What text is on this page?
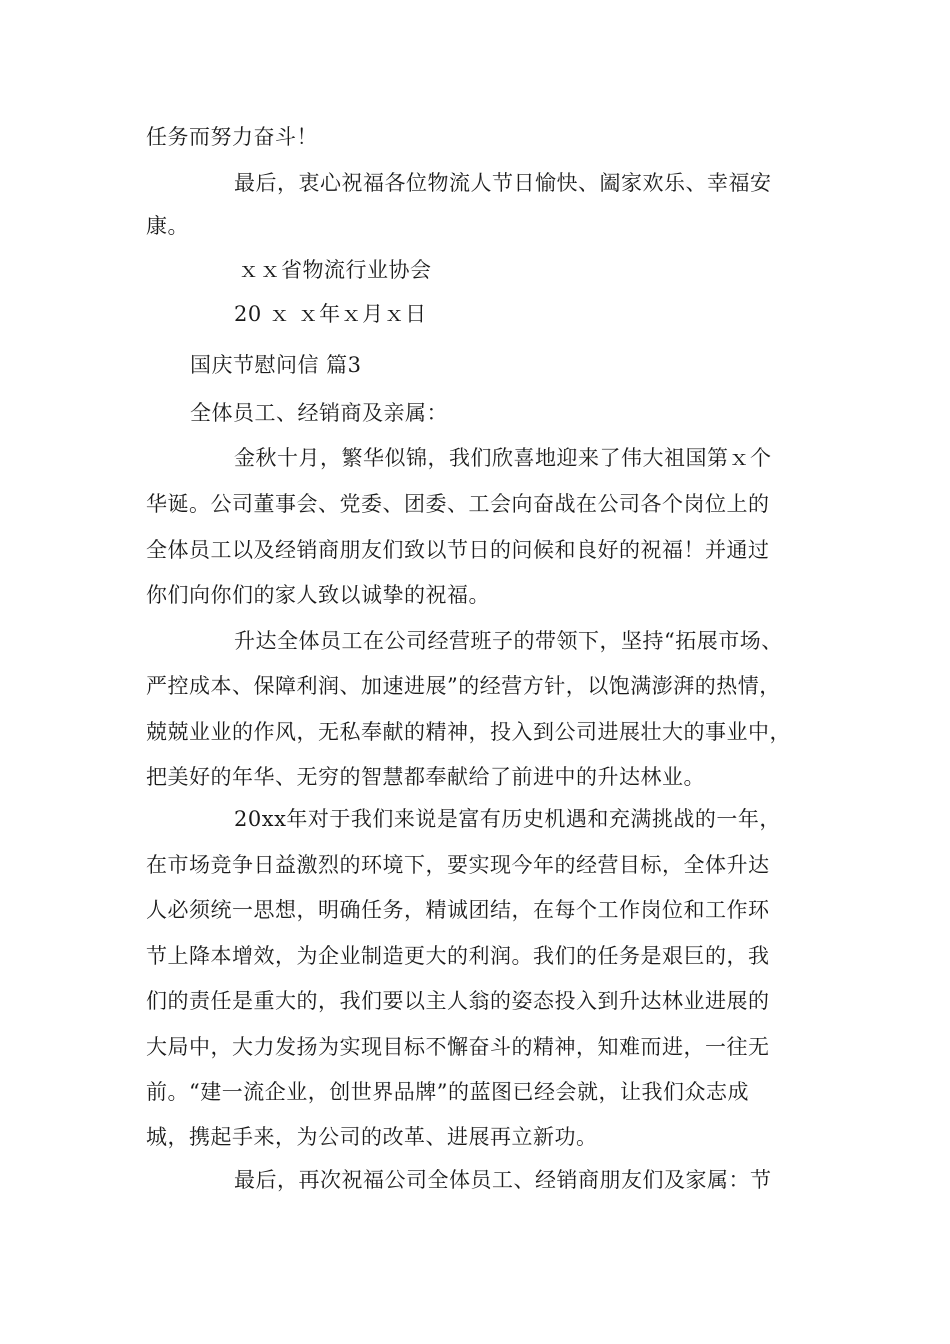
任务而努力奋斗！
最后，衷心祝福各位物流人节日愉快、阖家欢乐、幸福安
康。
ｘｘ省物流行业协会
20 ｘ ｘ年ｘ月ｘ日
国庆节慰问信 篇3
全体员工、经销商及亲属：
金秋十月，繁华似锦，我们欣喜地迎来了伟大祖国第ｘ个
华诞。公司董事会、党委、团委、工会向奋战在公司各个岗位上的
全体员工以及经销商朋友们致以节日的问候和良好的祝福！并通过
你们向你们的家人致以诚挚的祝福。
升达全体员工在公司经营班子的带领下，坚持“拓展市场、
严控成本、保障利润、加速进展”的经营方针，以饱满澎湃的热情，
兢兢业业的作风，无私奉献的精神，投入到公司进展壮大的事业中，
把美好的年华、无穷的智慧都奉献给了前进中的升达林业。
20xx年对于我们来说是富有历史机遇和充满挑战的一年，
在市场竞争日益激烈的环境下，要实现今年的经营目标，全体升达
人必须统一思想，明确任务，精诚团结，在每个工作岗位和工作环
节上降本增效，为企业制造更大的利润。我们的任务是艰巨的，我
们的责任是重大的，我们要以主人翁的姿态投入到升达林业进展的
大局中，大力发扬为实现目标不懈奋斗的精神，知难而进，一往无
前。“建一流企业，创世界品牌”的蓝图已经会就，让我们众志成
城，携起手来，为公司的改革、进展再立新功。
最后，再次祝福公司全体员工、经销商朋友们及家属：节
